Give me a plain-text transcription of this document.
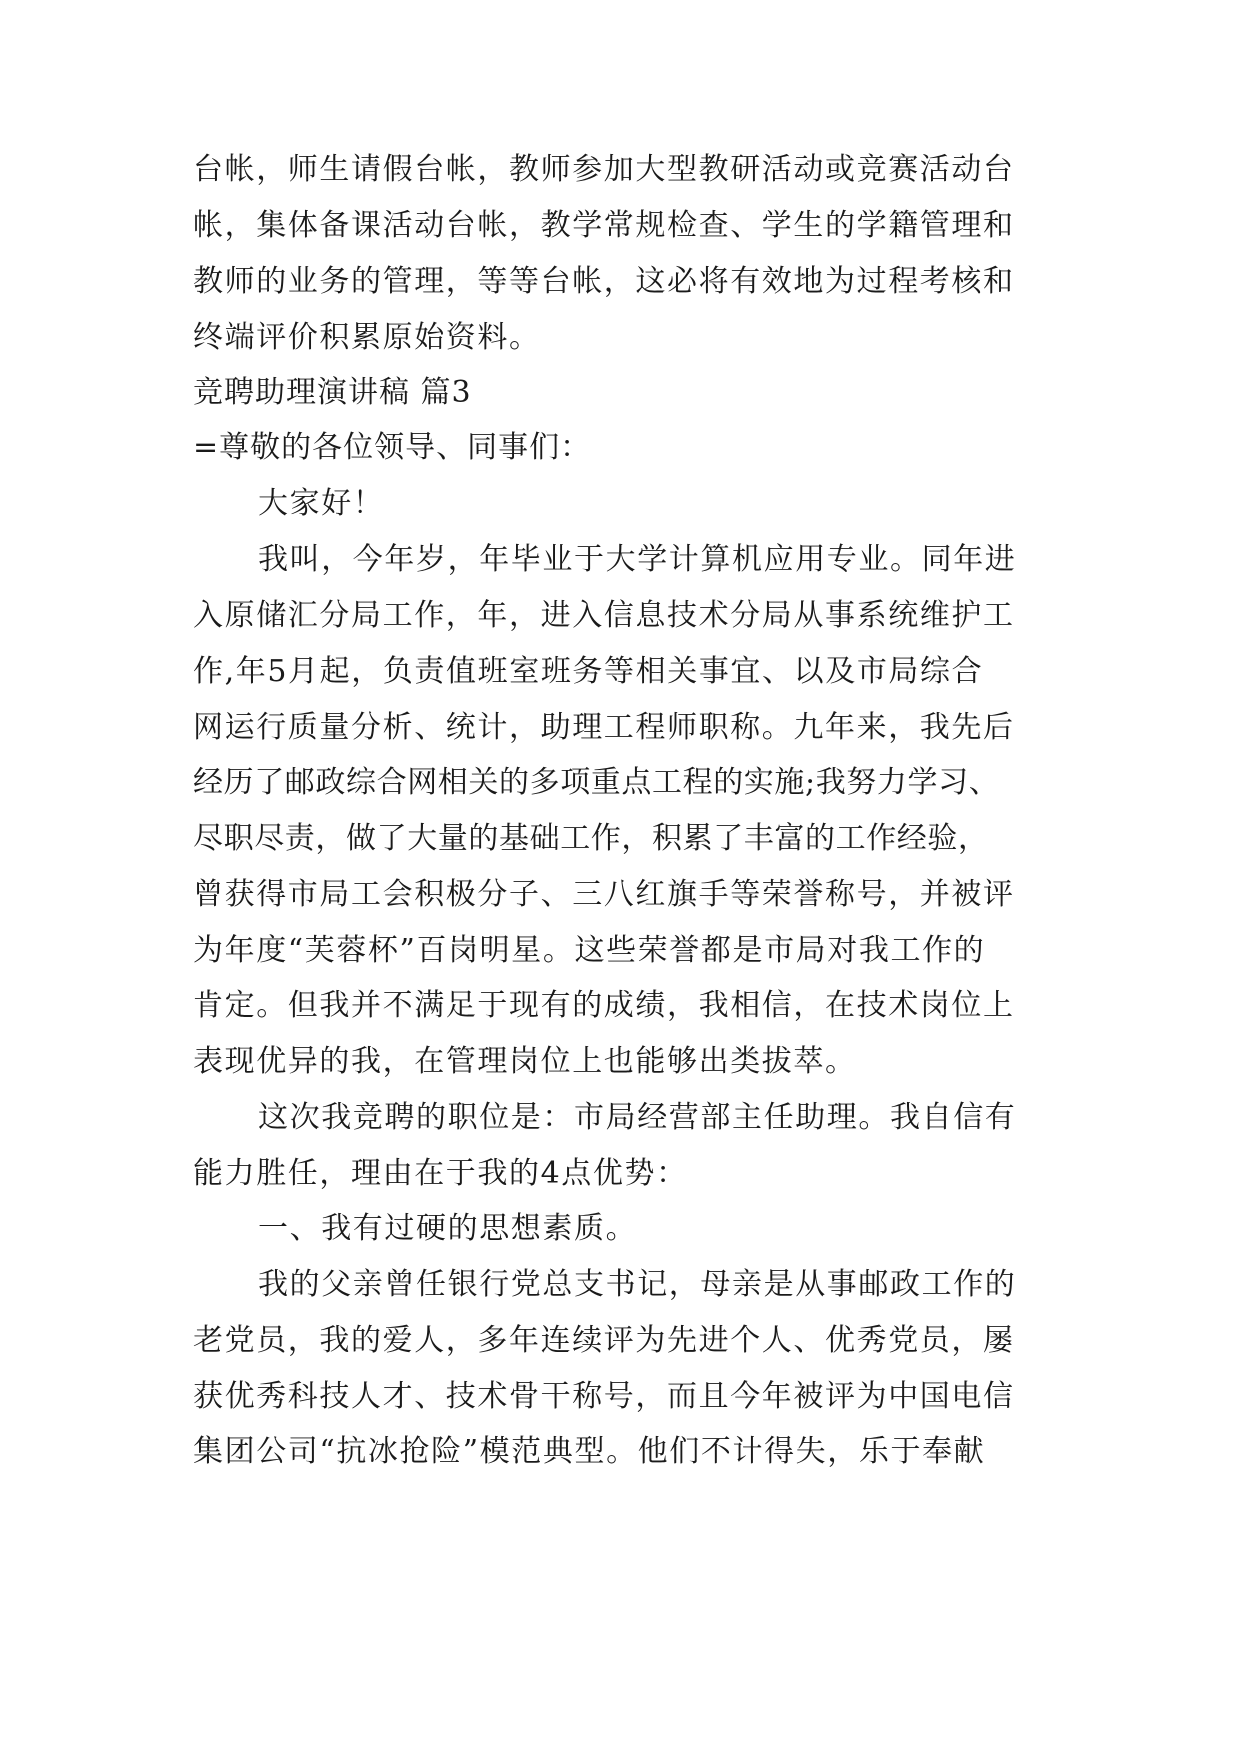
台帐，师生请假台帐，教师参加大型教研活动或竞赛活动台
帐，集体备课活动台帐，教学常规检查、学生的学籍管理和
教师的业务的管理，等等台帐，这必将有效地为过程考核和
终端评价积累原始资料。
竞聘助理演讲稿 篇3
=尊敬的各位领导、同事们：
大家好！
我叫，今年岁，年毕业于大学计算机应用专业。同年进
入原储汇分局工作，年，进入信息技术分局从事系统维护工
作,年5月起，负责值班室班务等相关事宜、以及市局综合
网运行质量分析、统计，助理工程师职称。九年来，我先后
经历了邮政综合网相关的多项重点工程的实施;我努力学习、
尽职尽责，做了大量的基础工作，积累了丰富的工作经验，
曾获得市局工会积极分子、三八红旗手等荣誉称号，并被评
为年度“芙蓉杯”百岗明星。这些荣誉都是市局对我工作的
肯定。但我并不满足于现有的成绩，我相信，在技术岗位上
表现优异的我，在管理岗位上也能够出类拔萃。
这次我竞聘的职位是：市局经营部主任助理。我自信有
能力胜任，理由在于我的4点优势：
一、我有过硬的思想素质。
我的父亲曾任银行党总支书记，母亲是从事邮政工作的
老党员，我的爱人，多年连续评为先进个人、优秀党员，屡
获优秀科技人才、技术骨干称号，而且今年被评为中国电信
集团公司“抗冰抢险”模范典型。他们不计得失，乐于奉献
